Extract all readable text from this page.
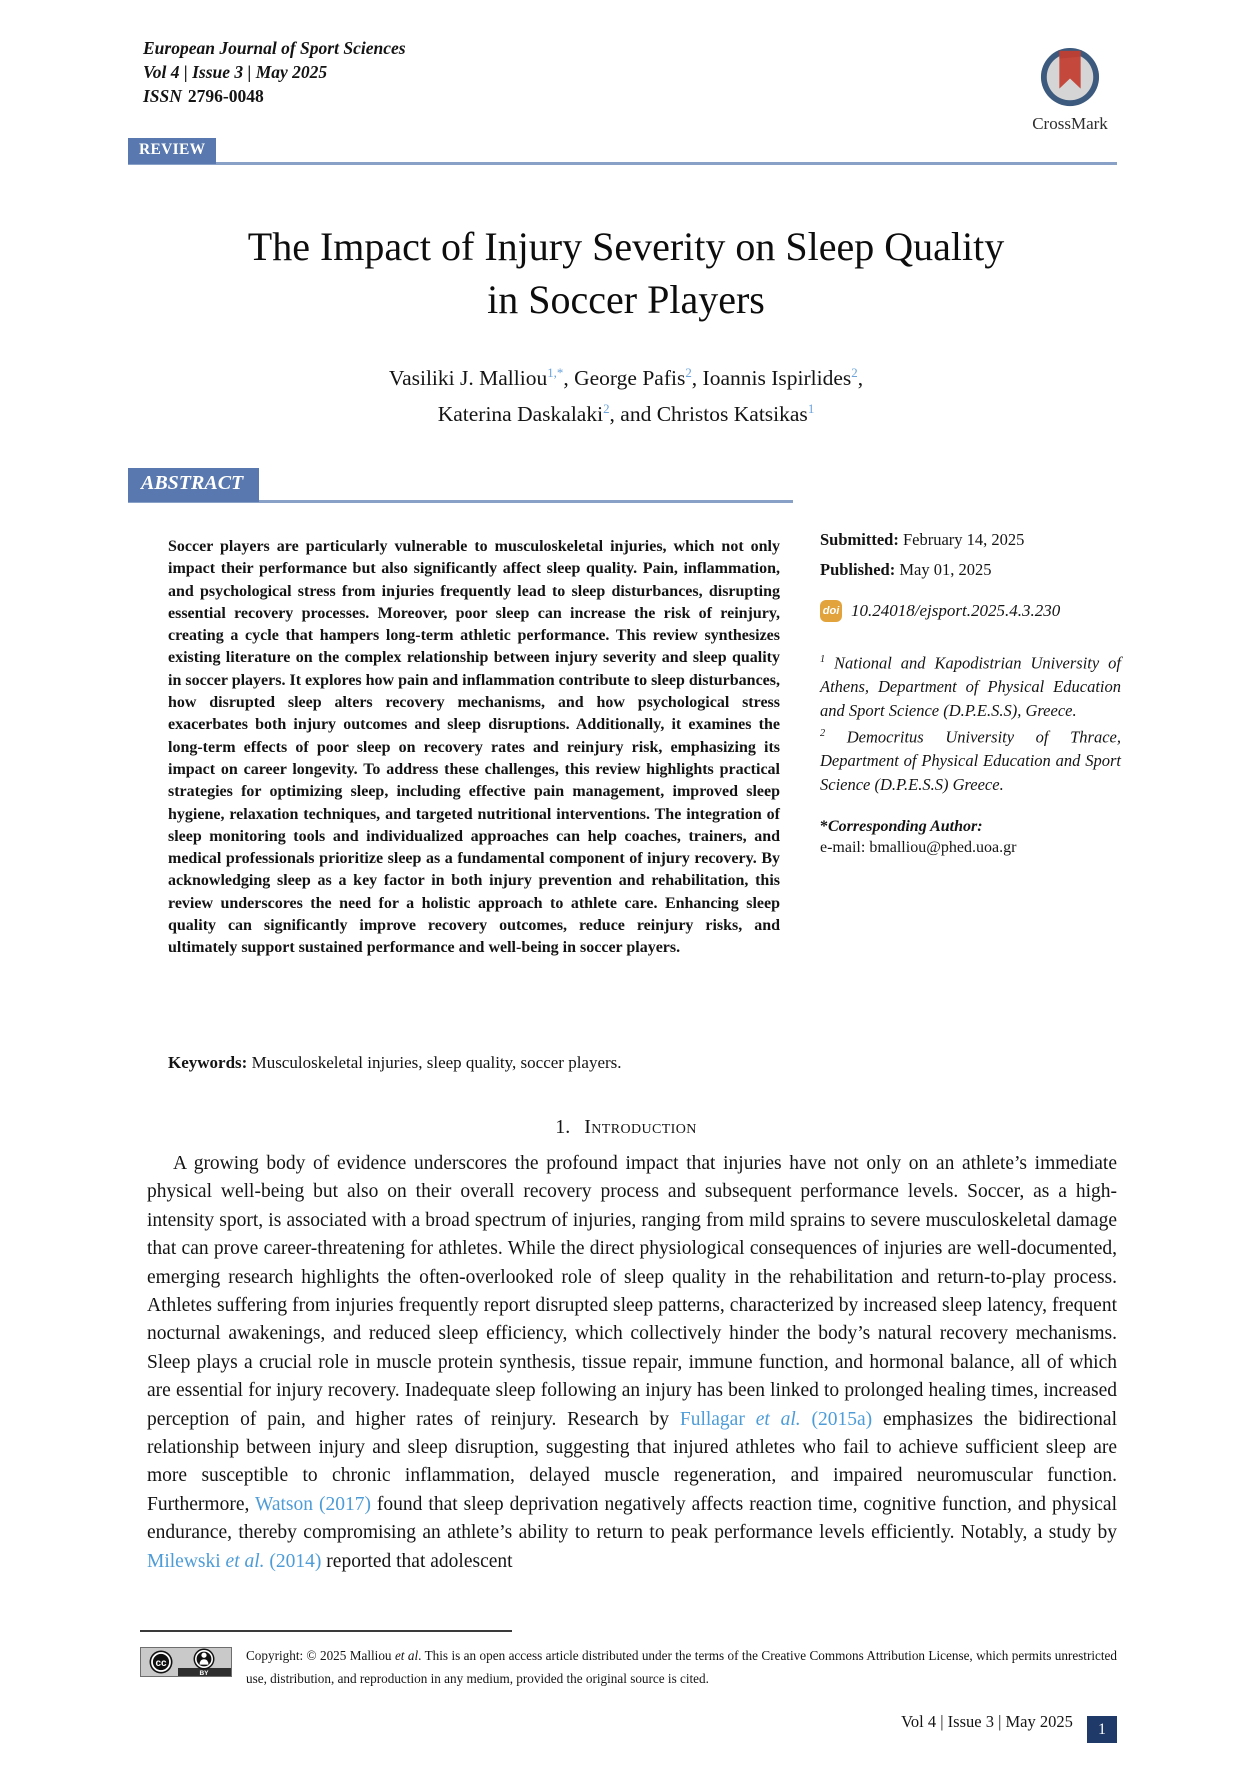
European Journal of Sport Sciences
Vol 4 | Issue 3 | May 2025
ISSN 2796-0048
CrossMark
REVIEW
The Impact of Injury Severity on Sleep Quality
in Soccer Players
Vasiliki J. Malliou$^{1,*}$, George Pafis$^2$, Ioannis Ispirlides$^2$,
Katerina Daskalaki$^2$, and Christos Katsikas$^1$
ABSTRACT
Soccer players are particularly vulnerable to musculoskeletal injuries, which not only impact their performance but also significantly affect sleep quality. Pain, inflammation, and psychological stress from injuries frequently lead to sleep disturbances, disrupting essential recovery processes. Moreover, poor sleep can increase the risk of reinjury, creating a cycle that hampers long-term athletic performance. This review synthesizes existing literature on the complex relationship between injury severity and sleep quality in soccer players. It explores how pain and inflammation contribute to sleep disturbances, how disrupted sleep alters recovery mechanisms, and how psychological stress exacerbates both injury outcomes and sleep disruptions. Additionally, it examines the long-term effects of poor sleep on recovery rates and reinjury risk, emphasizing its impact on career longevity. To address these challenges, this review highlights practical strategies for optimizing sleep, including effective pain management, improved sleep hygiene, relaxation techniques, and targeted nutritional interventions. The integration of sleep monitoring tools and individualized approaches can help coaches, trainers, and medical professionals prioritize sleep as a fundamental component of injury recovery. By acknowledging sleep as a key factor in both injury prevention and rehabilitation, this review underscores the need for a holistic approach to athlete care. Enhancing sleep quality can significantly improve recovery outcomes, reduce reinjury risks, and ultimately support sustained performance and well-being in soccer players.
Submitted: February 14, 2025
Published: May 01, 2025
doi 10.24018/ejsport.2025.4.3.230
$^1$ National and Kapodistrian University of Athens, Department of Physical Education and Sport Science (D.P.E.S.S), Greece.
$^2$ Democritus University of Thrace, Department of Physical Education and Sport Science (D.P.E.S.S) Greece.
*Corresponding Author:
e-mail: bmalliou@phed.uoa.gr
Keywords: Musculoskeletal injuries, sleep quality, soccer players.
1. Introduction
A growing body of evidence underscores the profound impact that injuries have not only on an athlete’s immediate physical well-being but also on their overall recovery process and subsequent performance levels. Soccer, as a high-intensity sport, is associated with a broad spectrum of injuries, ranging from mild sprains to severe musculoskeletal damage that can prove career-threatening for athletes. While the direct physiological consequences of injuries are well-documented, emerging research highlights the often-overlooked role of sleep quality in the rehabilitation and return-to-play process. Athletes suffering from injuries frequently report disrupted sleep patterns, characterized by increased sleep latency, frequent nocturnal awakenings, and reduced sleep efficiency, which collectively hinder the body’s natural recovery mechanisms. Sleep plays a crucial role in muscle protein synthesis, tissue repair, immune function, and hormonal balance, all of which are essential for injury recovery. Inadequate sleep following an injury has been linked to prolonged healing times, increased perception of pain, and higher rates of reinjury. Research by Fullagar et al. (2015a) emphasizes the bidirectional relationship between injury and sleep disruption, suggesting that injured athletes who fail to achieve sufficient sleep are more susceptible to chronic inflammation, delayed muscle regeneration, and impaired neuromuscular function. Furthermore, Watson (2017) found that sleep deprivation negatively affects reaction time, cognitive function, and physical endurance, thereby compromising an athlete’s ability to return to peak performance levels efficiently. Notably, a study by Milewski et al. (2014) reported that adolescent
cc
BY
Copyright: © 2025 Malliou et al. This is an open access article distributed under the terms of the Creative Commons Attribution License, which permits unrestricted use, distribution, and reproduction in any medium, provided the original source is cited.
Vol 4 | Issue 3 | May 2025 1
